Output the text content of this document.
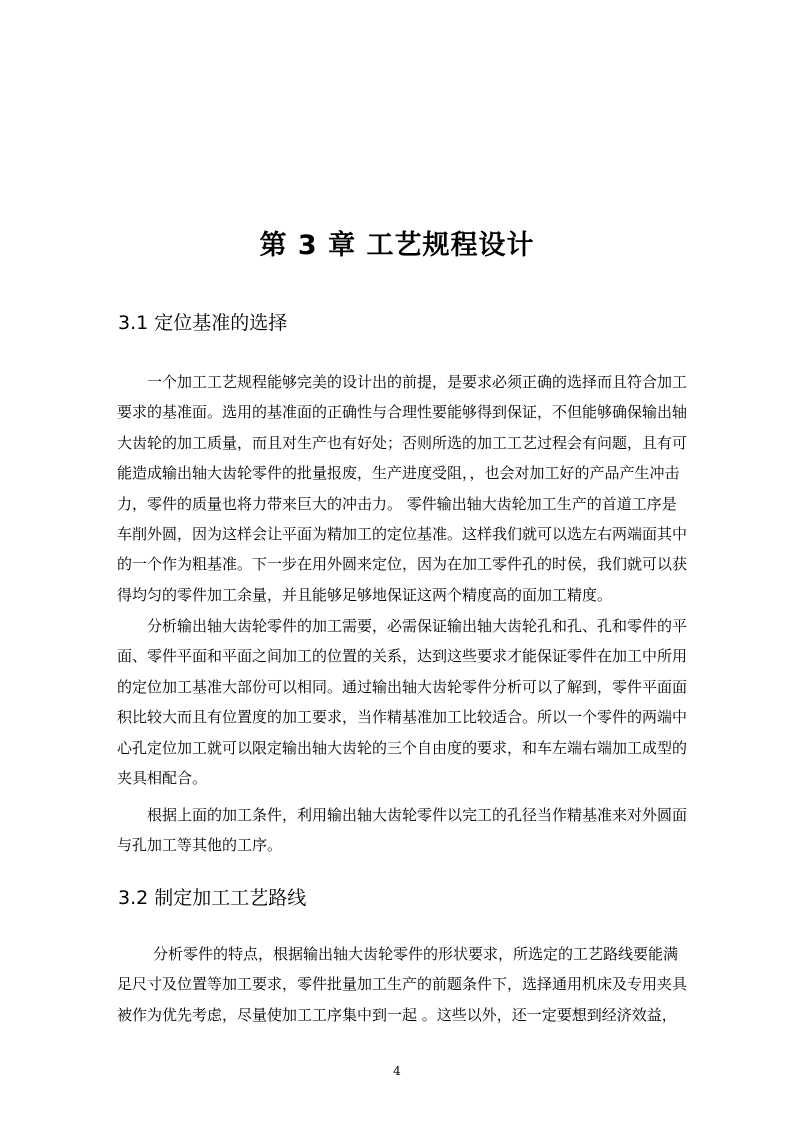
第 3 章 工艺规程设计
3.1 定位基准的选择

一个加工工艺规程能够完美的设计出的前提，是要求必须正确的选择而且符合加工

要求的基准面。选用的基准面的正确性与合理性要能够得到保证，不但能够确保输出轴

大齿轮的加工质量，而且对生产也有好处；否则所选的加工工艺过程会有问题，且有可

能造成输出轴大齿轮零件的批量报废，生产进度受阻，，也会对加工好的产品产生冲击

力，零件的质量也将力带来巨大的冲击力。 零件输出轴大齿轮加工生产的首道工序是

车削外圆，因为这样会让平面为精加工的定位基准。这样我们就可以选左右两端面其中

的一个作为粗基准。下一步在用外圆来定位，因为在加工零件孔的时侯，我们就可以获

得均匀的零件加工余量，并且能够足够地保证这两个精度高的面加工精度。

分析输出轴大齿轮零件的加工需要，必需保证输出轴大齿轮孔和孔、孔和零件的平

面、零件平面和平面之间加工的位置的关系，达到这些要求才能保证零件在加工中所用

的定位加工基准大部份可以相同。通过输出轴大齿轮零件分析可以了解到，零件平面面

积比较大而且有位置度的加工要求，当作精基准加工比较适合。所以一个零件的两端中

心孔定位加工就可以限定输出轴大齿轮的三个自由度的要求，和车左端右端加工成型的

夹具相配合。

根据上面的加工条件，利用输出轴大齿轮零件以完工的孔径当作精基准来对外圆面

与孔加工等其他的工序。

3.2 制定加工工艺路线

分析零件的特点，根据输出轴大齿轮零件的形状要求，所选定的工艺路线要能满

足尺寸及位置等加工要求，零件批量加工生产的前题条件下，选择通用机床及专用夹具

被作为优先考虑，尽量使加工工序集中到一起 。这些以外，还一定要想到经济效益，

4
